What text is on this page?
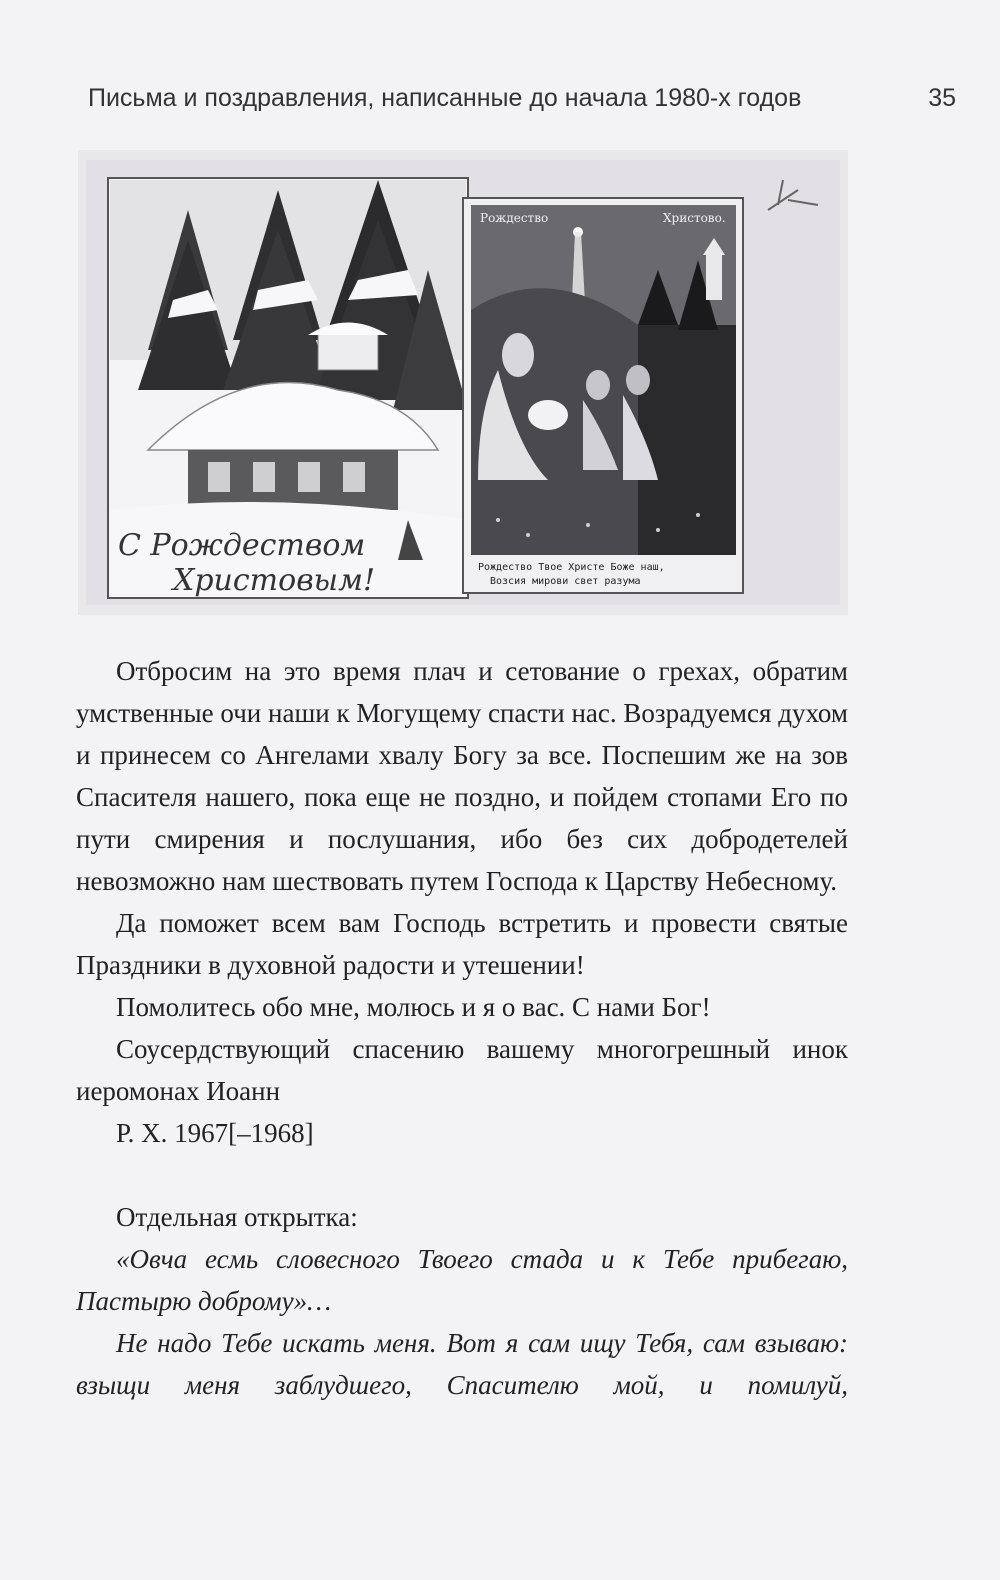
Письма и поздравления, написанные до начала 1980-х годов	35
С Рождеством
Христовым!
Рождество	Христово.
Рождество Твое Христе Боже наш,
Возсия мирови свет разума

Отбросим на это время плач и сетование о грехах, обратим умственные очи наши к Могущему спасти нас. Возрадуемся духом и принесем со Ангелами хвалу Богу за все. Поспешим же на зов Спасителя нашего, пока еще не поздно, и пойдем стопами Его по пути смирения и послушания, ибо без сих добродетелей невозможно нам шествовать путем Господа к Царству Небесному.

Да поможет всем вам Господь встретить и провести святые Праздники в духовной радости и утешении!

Помолитесь обо мне, молюсь и я о вас. С нами Бог!

Соусердствующий спасению вашему многогрешный инок иеромонах Иоанн

Р. Х. 1967[–1968]

Отдельная открытка:

«Овча есмь словесного Твоего стада и к Тебе прибегаю, Пастырю доброму»…

Не надо Тебе искать меня. Вот я сам ищу Тебя, сам взываю: взыщи меня заблудшего, Спасителю мой, и помилуй,
